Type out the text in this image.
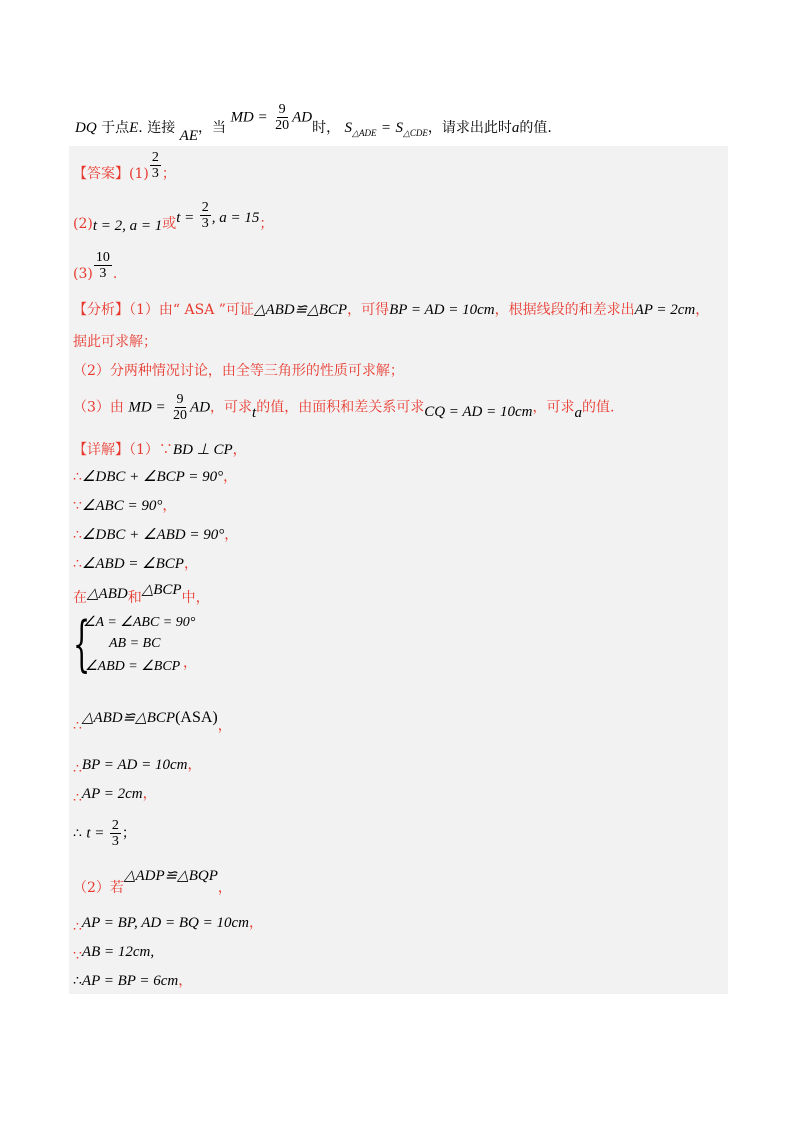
DQ 于点E. 连接 AE，当 MD = $\frac{9}{20}$ AD时， $S_{\triangle ADE} = S_{\triangle CDE}$，请求出此时a的值.
【答案】$(1) \frac{2}{3}$ ；
(2)t = 2, a = 1或$t = \frac{2}{3}$ , a = 15；
$(3) \frac{10}{3}$ .
【分析】（1）由“ ASA ”可证△ABD≌△BCP，可得BP = AD = 10cm，根据线段的和差求出AP = 2cm，
据此可求解；
（2）分两种情况讨论，由全等三角形的性质可求解；
（3）由 MD = $\frac{9}{20}$ AD，可求t的值，由面积和差关系可求CQ = AD = 10cm，可求a的值.
【详解】（1）∵BD ⊥ CP，
∴∠DBC + ∠BCP = 90°，
∵∠ABC = 90°，
∴∠DBC + ∠ABD = 90°，
∴∠ABD = ∠BCP，
在△ABD和△BCP中，
{
∠A = ∠ABC = 90°
AB = BC
∠ABD = ∠BCP ，
∴△ABD≌△BCP(ASA)，
∴BP = AD = 10cm，
∴AP = 2cm，
∴ $t = \frac{2}{3}$ ；
（2）若△ADP≌△BQP，
∴AP = BP, AD = BQ = 10cm，
∵AB = 12cm,
∴AP = BP = 6cm，
